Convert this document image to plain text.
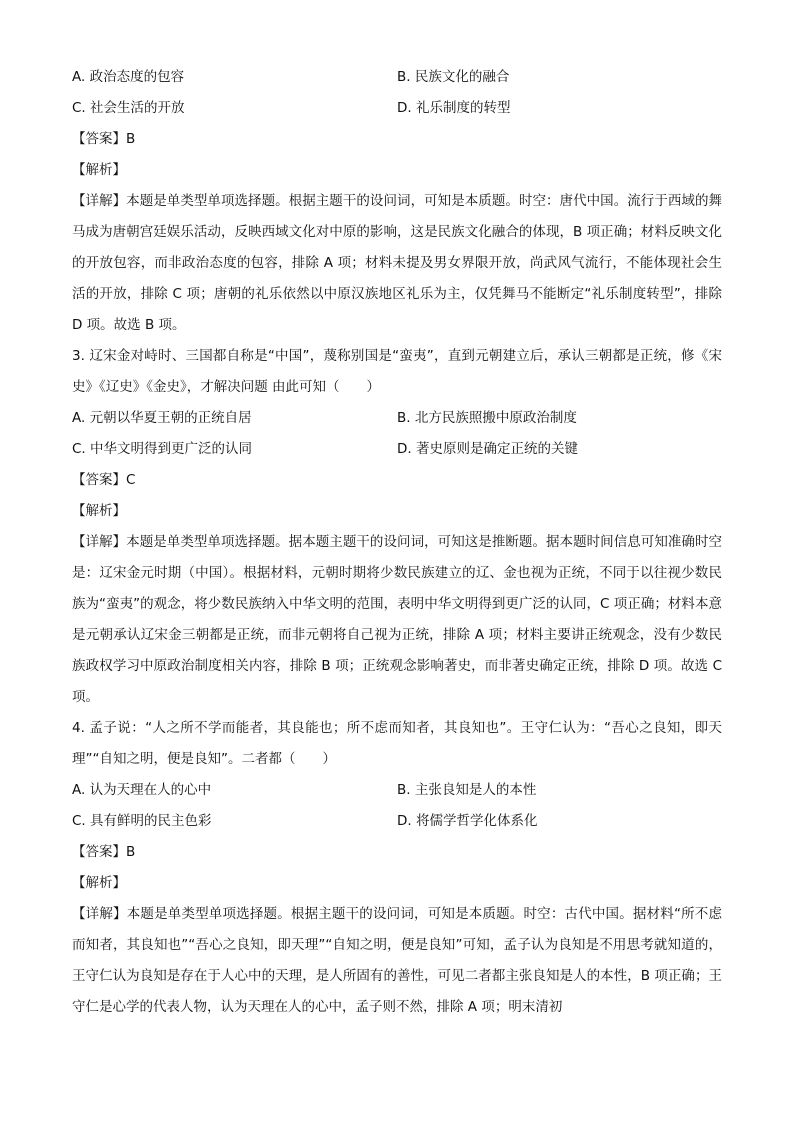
A. 政治态度的包容	B. 民族文化的融合
C. 社会生活的开放	D. 礼乐制度的转型
【答案】B
【解析】
【详解】本题是单类型单项选择题。根据主题干的设问词，可知是本质题。时空：唐代中国。流行于西域的舞马成为唐朝宫廷娱乐活动，反映西域文化对中原的影响，这是民族文化融合的体现，B 项正确；材料反映文化的开放包容，而非政治态度的包容，排除 A 项；材料未提及男女界限开放，尚武风气流行，不能体现社会生活的开放，排除 C 项；唐朝的礼乐依然以中原汉族地区礼乐为主，仅凭舞马不能断定“礼乐制度转型”，排除 D 项。故选 B 项。
3. 辽宋金对峙时、三国都自称是“中国”，蔑称别国是“蛮夷”，直到元朝建立后，承认三朝都是正统，修《宋史》《辽史》《金史》，才解决问题 由此可知（　　）
A. 元朝以华夏王朝的正统自居	B. 北方民族照搬中原政治制度
C. 中华文明得到更广泛的认同	D. 著史原则是确定正统的关键
【答案】C
【解析】
【详解】本题是单类型单项选择题。据本题主题干的设问词，可知这是推断题。据本题时间信息可知准确时空是：辽宋金元时期（中国）。根据材料，元朝时期将少数民族建立的辽、金也视为正统，不同于以往视少数民族为“蛮夷”的观念，将少数民族纳入中华文明的范围，表明中华文明得到更广泛的认同，C 项正确；材料本意是元朝承认辽宋金三朝都是正统，而非元朝将自己视为正统，排除 A 项；材料主要讲正统观念，没有少数民族政权学习中原政治制度相关内容，排除 B 项；正统观念影响著史，而非著史确定正统，排除 D 项。故选 C 项。
4. 孟子说：“人之所不学而能者，其良能也；所不虑而知者，其良知也”。王守仁认为：“吾心之良知，即天理”“自知之明，便是良知”。二者都（　　）
A. 认为天理在人的心中	B. 主张良知是人的本性
C. 具有鲜明的民主色彩	D. 将儒学哲学化体系化
【答案】B
【解析】
【详解】本题是单类型单项选择题。根据主题干的设问词，可知是本质题。时空：古代中国。据材料“所不虑而知者，其良知也”“吾心之良知，即天理”“自知之明，便是良知”可知，孟子认为良知是不用思考就知道的，王守仁认为良知是存在于人心中的天理，是人所固有的善性，可见二者都主张良知是人的本性，B 项正确；王守仁是心学的代表人物，认为天理在人的心中，孟子则不然，排除 A 项；明末清初
